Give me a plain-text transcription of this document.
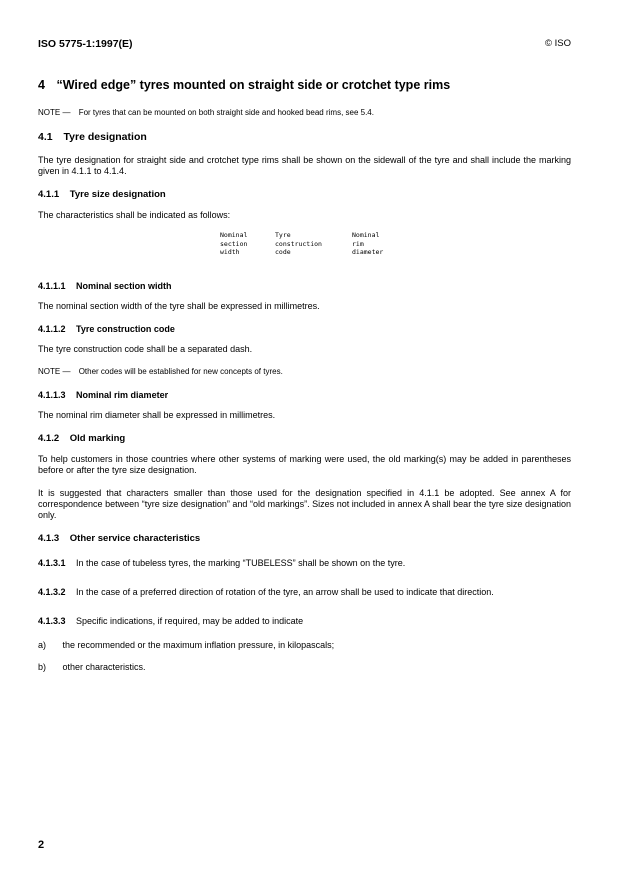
ISO 5775-1:1997(E)	© ISO
4 “Wired edge” tyres mounted on straight side or crotchet type rims
NOTE — For tyres that can be mounted on both straight side and hooked bead rims, see 5.4.
4.1 Tyre designation

The tyre designation for straight side and crotchet type rims shall be shown on the sidewall of the tyre and shall include the marking given in 4.1.1 to 4.1.4.

4.1.1 Tyre size designation

The characteristics shall be indicated as follows:

Nominal
section
width
Tyre
construction
code
Nominal
rim
diameter
4.1.1.1 Nominal section width

The nominal section width of the tyre shall be expressed in millimetres.

4.1.1.2 Tyre construction code

The tyre construction code shall be a separated dash.

NOTE — Other codes will be established for new concepts of tyres.
4.1.1.3 Nominal rim diameter

The nominal rim diameter shall be expressed in millimetres.

4.1.2 Old marking

To help customers in those countries where other systems of marking were used, the old marking(s) may be added in parentheses before or after the tyre size designation.

It is suggested that characters smaller than those used for the designation specified in 4.1.1 be adopted. See annex A for correspondence between “tyre size designation” and “old markings”. Sizes not included in annex A shall bear the tyre size designation only.

4.1.3 Other service characteristics

4.1.3.1 In the case of tubeless tyres, the marking “TUBELESS” shall be shown on the tyre.

4.1.3.2 In the case of a preferred direction of rotation of the tyre, an arrow shall be used to indicate that direction.

4.1.3.3 Specific indications, if required, may be added to indicate

a) the recommended or the maximum inflation pressure, in kilopascals;
b) other characteristics.
2
